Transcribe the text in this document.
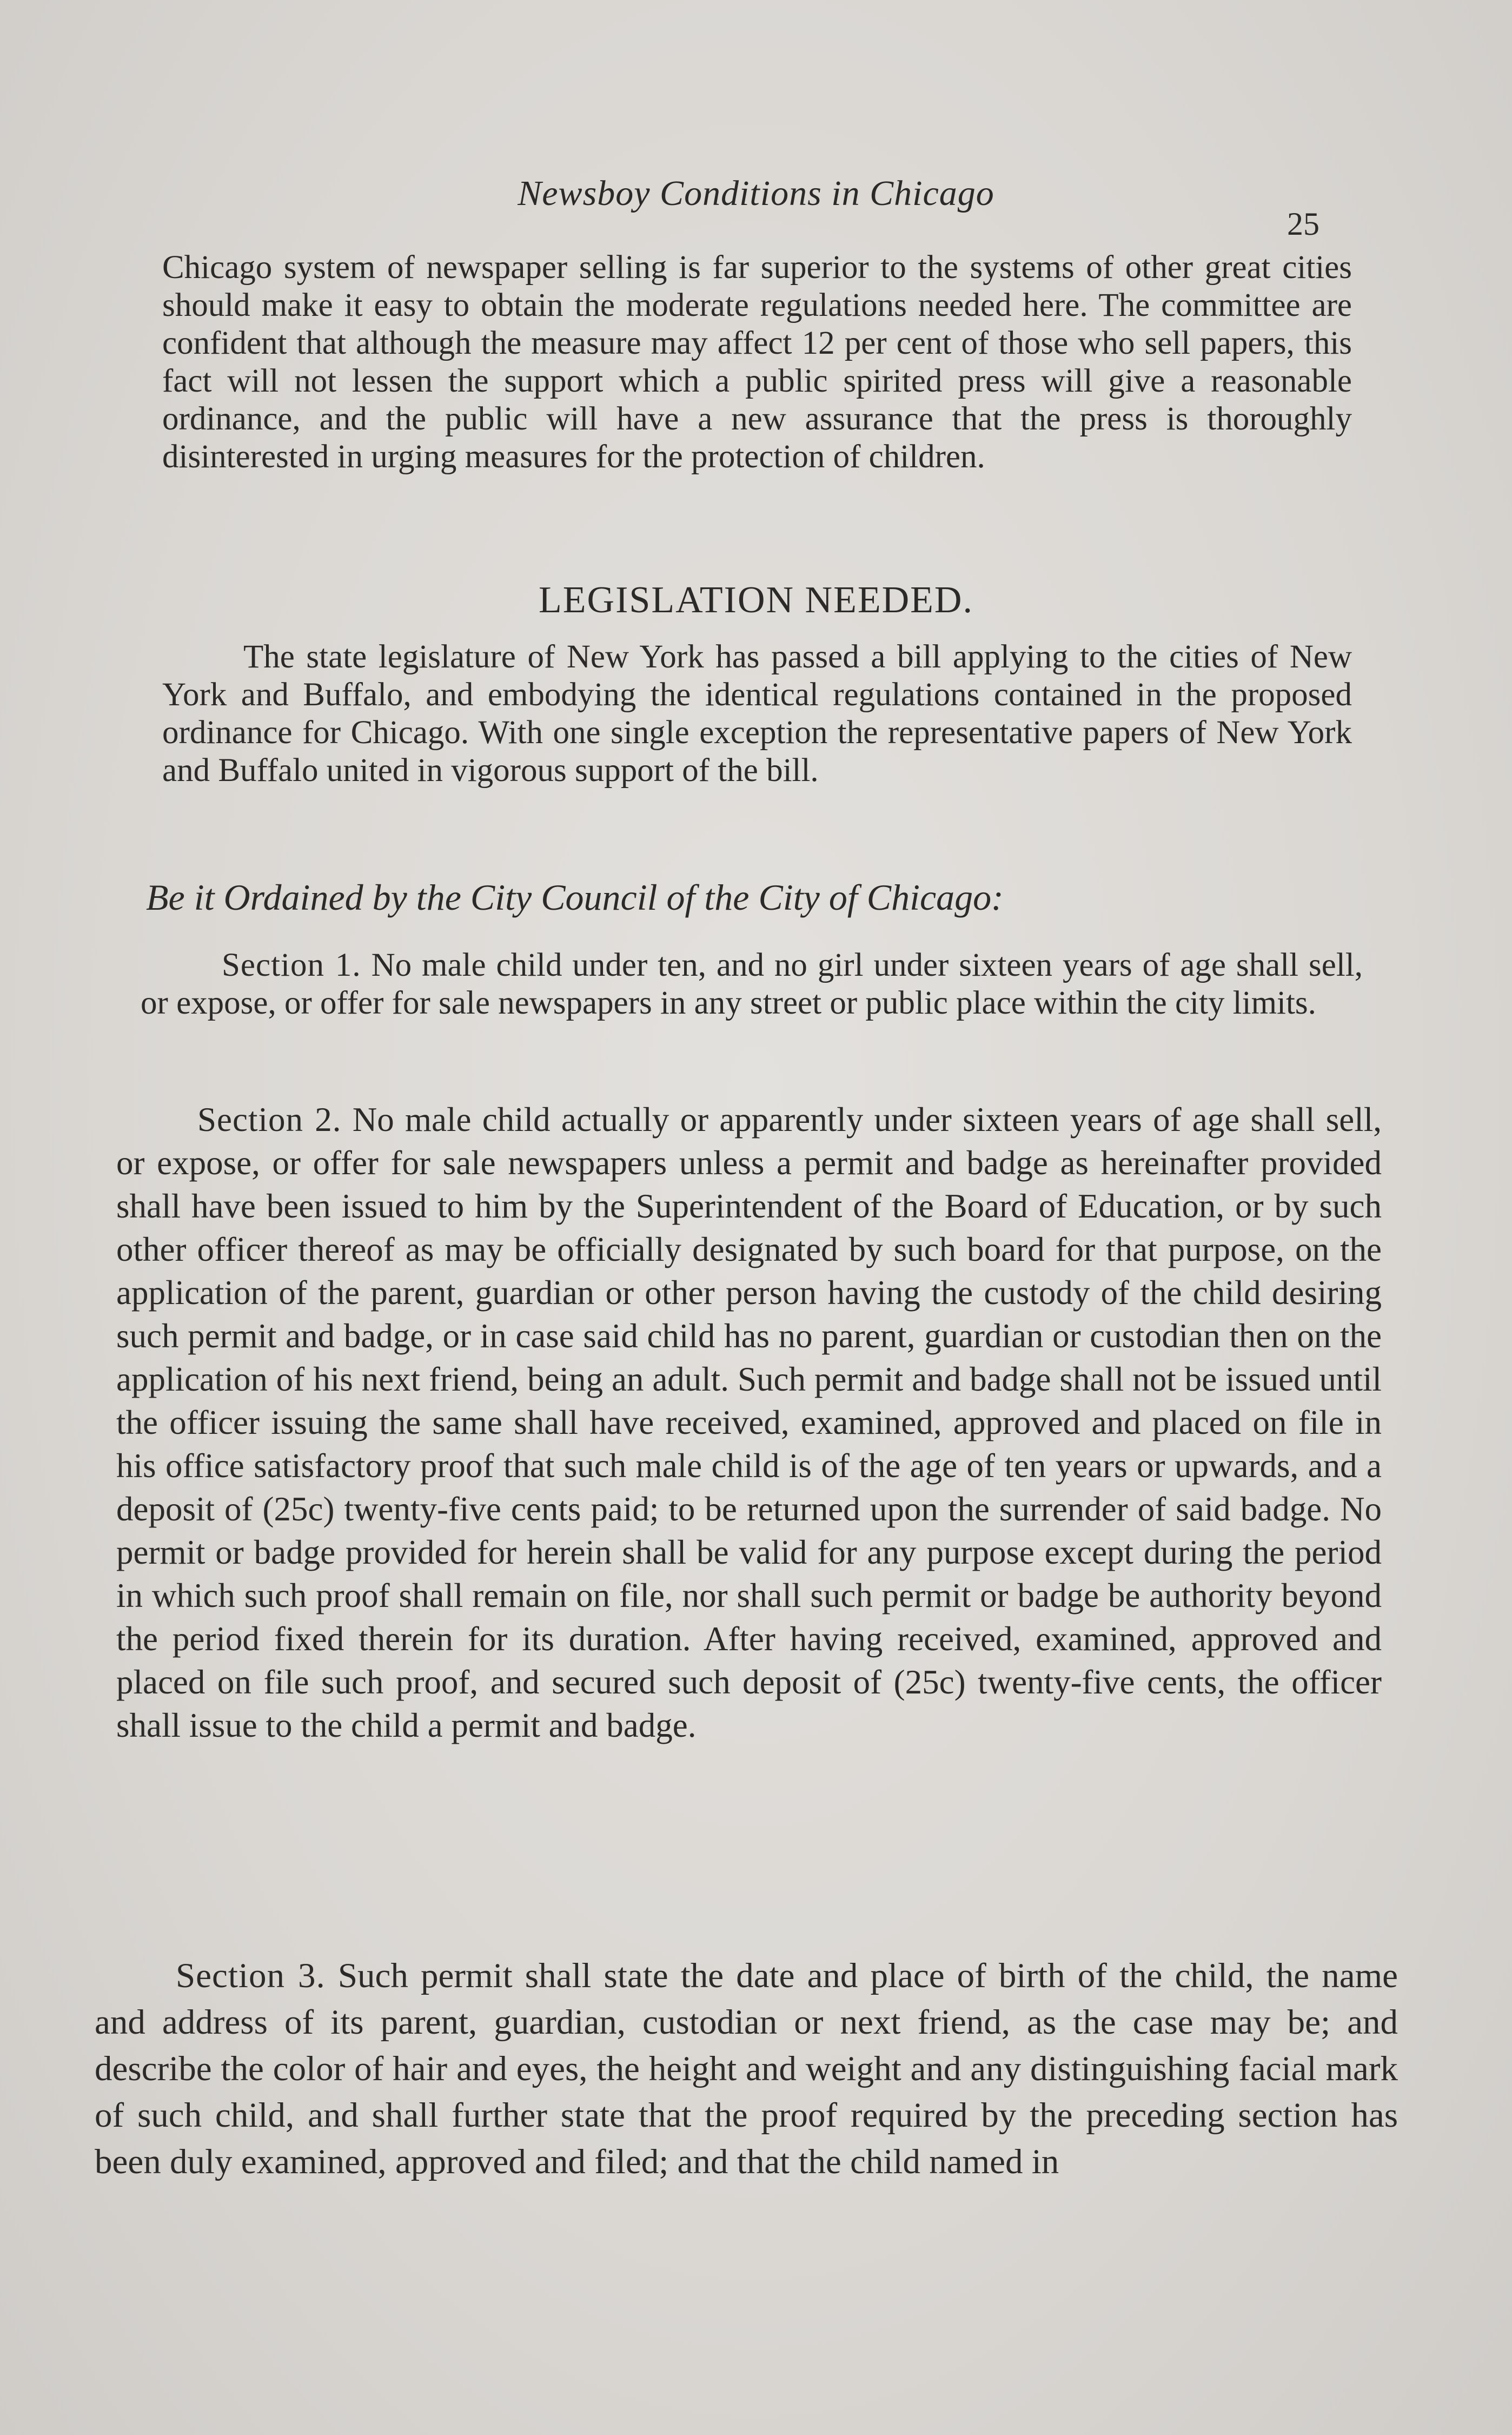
Newsboy Conditions in Chicago
25

Chicago system of newspaper selling is far superior to the systems of other great cities should make it easy to obtain the moderate regulations needed here. The committee are confident that although the measure may affect 12 per cent of those who sell papers, this fact will not lessen the support which a public spirited press will give a reasonable ordinance, and the public will have a new assurance that the press is thoroughly disinterested in urging measures for the protection of children.

LEGISLATION NEEDED.

The state legislature of New York has passed a bill applying to the cities of New York and Buffalo, and embodying the identical regulations contained in the proposed ordinance for Chicago. With one single exception the representative papers of New York and Buffalo united in vigorous support of the bill.

Be it Ordained by the City Council of the City of Chicago:

Section 1. No male child under ten, and no girl under sixteen years of age shall sell, or expose, or offer for sale newspapers in any street or public place within the city limits.

Section 2. No male child actually or apparently under sixteen years of age shall sell, or expose, or offer for sale newspapers unless a permit and badge as hereinafter provided shall have been issued to him by the Superintendent of the Board of Education, or by such other officer thereof as may be officially designated by such board for that purpose, on the application of the parent, guardian or other person having the custody of the child desiring such permit and badge, or in case said child has no parent, guardian or custodian then on the application of his next friend, being an adult. Such permit and badge shall not be issued until the officer issuing the same shall have received, examined, approved and placed on file in his office satisfactory proof that such male child is of the age of ten years or upwards, and a deposit of (25c) twenty-five cents paid; to be returned upon the surrender of said badge. No permit or badge provided for herein shall be valid for any purpose except during the period in which such proof shall remain on file, nor shall such permit or badge be authority beyond the period fixed therein for its duration. After having received, examined, approved and placed on file such proof, and secured such deposit of (25c) twenty-five cents, the officer shall issue to the child a permit and badge.

Section 3. Such permit shall state the date and place of birth of the child, the name and address of its parent, guardian, custodian or next friend, as the case may be; and describe the color of hair and eyes, the height and weight and any distinguishing facial mark of such child, and shall further state that the proof required by the preceding section has been duly examined, approved and filed; and that the child named in
